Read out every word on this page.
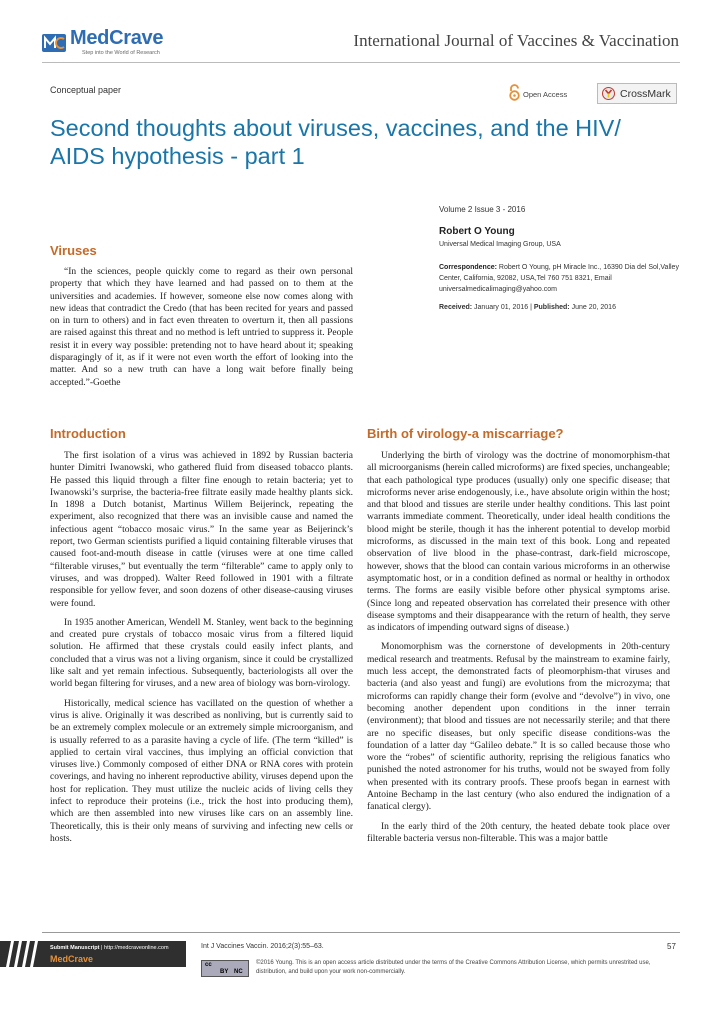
MedCrave
Step into the World of Research
International Journal of Vaccines & Vaccination
Conceptual paper	Open Access	CrossMark
Second thoughts about viruses, vaccines, and the HIV/ AIDS hypothesis - part 1
Volume 2 Issue 3 - 2016
Robert O Young
Universal Medical Imaging Group, USA
Correspondence: Robert O Young, pH Miracle Inc., 16390 Dia del Sol,Valley Center, California, 92082, USA,Tel 760 751 8321, Email universalmedicalimaging@yahoo.com
Received: January 01, 2016 | Published: June 20, 2016
Viruses

“In the sciences, people quickly come to regard as their own personal property that which they have learned and had passed on to them at the universities and academies. If however, someone else now comes along with new ideas that contradict the Credo (that has been recited for years and passed on in turn to others) and in fact even threaten to overturn it, then all passions are raised against this threat and no method is left untried to suppress it. People resist it in every way possible: pretending not to have heard about it; speaking disparagingly of it, as if it were not even worth the effort of looking into the matter. And so a new truth can have a long wait before finally being accepted.”-Goethe

Introduction

The first isolation of a virus was achieved in 1892 by Russian bacteria hunter Dimitri Iwanowski, who gathered fluid from diseased tobacco plants. He passed this liquid through a filter fine enough to retain bacteria; yet to Iwanowski’s surprise, the bacteria-free filtrate easily made healthy plants sick. In 1898 a Dutch botanist, Martinus Willem Beijerinck, repeating the experiment, also recognized that there was an invisible cause and named the infectious agent “tobacco mosaic virus.” In the same year as Beijerinck’s report, two German scientists purified a liquid containing filterable viruses that caused foot-and-mouth disease in cattle (viruses were at one time called “filterable viruses,” but eventually the term “filterable” came to apply only to viruses, and was dropped). Walter Reed followed in 1901 with a filtrate responsible for yellow fever, and soon dozens of other disease-causing viruses were found.

In 1935 another American, Wendell M. Stanley, went back to the beginning and created pure crystals of tobacco mosaic virus from a filtered liquid solution. He affirmed that these crystals could easily infect plants, and concluded that a virus was not a living organism, since it could be crystallized like salt and yet remain infectious. Subsequently, bacteriologists all over the world began filtering for viruses, and a new area of biology was born-virology.

Historically, medical science has vacillated on the question of whether a virus is alive. Originally it was described as nonliving, but is currently said to be an extremely complex molecule or an extremely simple microorganism, and is usually referred to as a parasite having a cycle of life. (The term “killed” is applied to certain viral vaccines, thus implying an official conviction that viruses live.) Commonly composed of either DNA or RNA cores with protein coverings, and having no inherent reproductive ability, viruses depend upon the host for replication. They must utilize the nucleic acids of living cells they infect to reproduce their proteins (i.e., trick the host into producing them), which are then assembled into new viruses like cars on an assembly line. Theoretically, this is their only means of surviving and infecting new cells or hosts.

Birth of virology-a miscarriage?

Underlying the birth of virology was the doctrine of monomorphism-that all microorganisms (herein called microforms) are fixed species, unchangeable; that each pathological type produces (usually) only one specific disease; that microforms never arise endogenously, i.e., have absolute origin within the host; and that blood and tissues are sterile under healthy conditions. This last point warrants immediate comment. Theoretically, under ideal health conditions the blood might be sterile, though it has the inherent potential to develop morbid microforms, as discussed in the main text of this book. Long and repeated observation of live blood in the phase-contrast, dark-field microscope, however, shows that the blood can contain various microforms in an otherwise asymptomatic host, or in a condition defined as normal or healthy in orthodox terms. The forms are easily visible before other physical symptoms arise. (Since long and repeated observation has correlated their presence with other disease symptoms and their disappearance with the return of health, they serve as indicators of impending outward signs of disease.)

Monomorphism was the cornerstone of developments in 20th-century medical research and treatments. Refusal by the mainstream to examine fairly, much less accept, the demonstrated facts of pleomorphism-that viruses and bacteria (and also yeast and fungi) are evolutions from the microzyma; that microforms can rapidly change their form (evolve and “devolve”) in vivo, one becoming another dependent upon conditions in the inner terrain (environment); that blood and tissues are not necessarily sterile; and that there are no specific diseases, but only specific disease conditions-was the foundation of a latter day “Galileo debate.” It is so called because those who wore the “robes” of scientific authority, reprising the religious fanatics who punished the noted astronomer for his truths, would not be swayed from folly when presented with its contrary proofs. These proofs began in earnest with Antoine Bechamp in the last century (who also endured the indignation of a fanatical clergy).

In the early third of the 20th century, the heated debate took place over filterable bacteria versus non-filterable. This was a major battle

Submit Manuscript | http://medcraveonline.com
MedCrave
Int J Vaccines Vaccin. 2016;2(3):55‒63.	57
cc
BY NC
©2016 Young. This is an open access article distributed under the terms of the Creative Commons Attribution License, which permits unrestrited use, distribution, and build upon your work non-commercially.
